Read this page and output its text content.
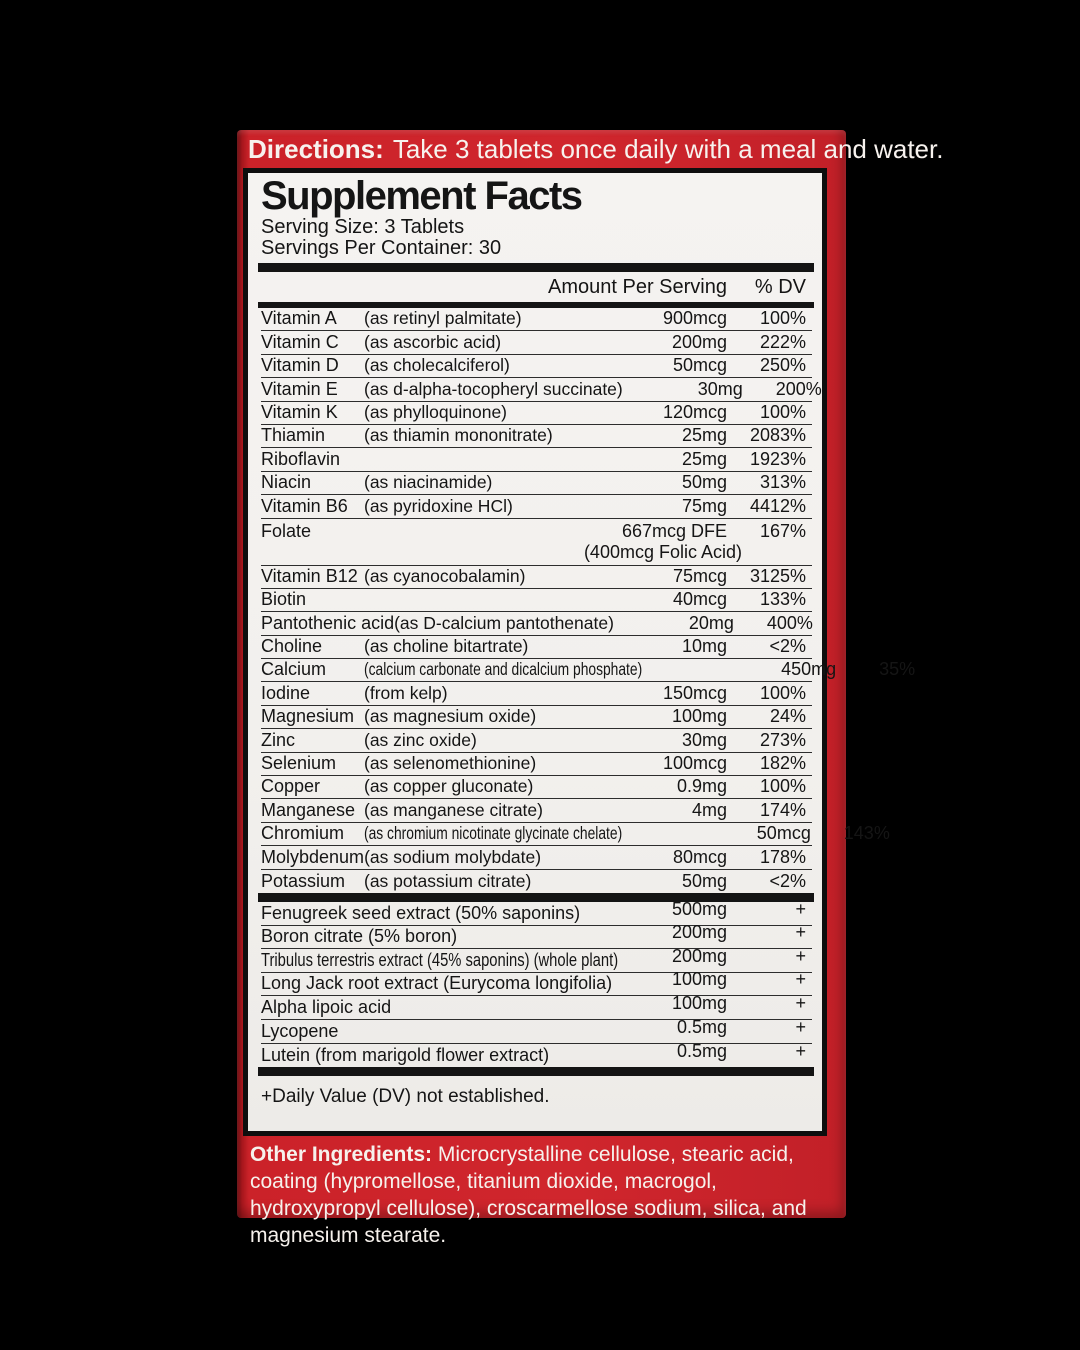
Directions: Take 3 tablets once daily with a meal and water.
Supplement Facts
Serving Size: 3 Tablets
Servings Per Container: 30
Amount Per Serving	% DV
Vitamin A	(as retinyl palmitate)	900mcg	100%
Vitamin C	(as ascorbic acid)	200mg	222%
Vitamin D	(as cholecalciferol)	50mcg	250%
Vitamin E	(as d-alpha-tocopheryl succinate)	30mg	200%
Vitamin K	(as phylloquinone)	120mcg	100%
Thiamin	(as thiamin mononitrate)	25mg	2083%
Riboflavin	25mg	1923%
Niacin	(as niacinamide)	50mg	313%
Vitamin B6 (as pyridoxine HCl)	75mg	4412%
Folate	667mcg DFE	167%
(400mcg Folic Acid)
Vitamin B12 (as cyanocobalamin)	75mcg	3125%
Biotin	40mcg	133%
Pantothenic acid (as D-calcium pantothenate)	20mg	400%
Choline	(as choline bitartrate)	10mg	<2%
Calcium	(calcium carbonate and dicalcium phosphate)	450mg	35%
Iodine	(from kelp)	150mcg	100%
Magnesium (as magnesium oxide)	100mg	24%
Zinc	(as zinc oxide)	30mg	273%
Selenium	(as selenomethionine)	100mcg	182%
Copper	(as copper gluconate)	0.9mg	100%
Manganese (as manganese citrate)	4mg	174%
Chromium	(as chromium nicotinate glycinate chelate)	50mcg	143%
Molybdenum (as sodium molybdate)	80mcg	178%
Potassium	(as potassium citrate)	50mg	<2%
Fenugreek seed extract (50% saponins)	500mg	+
Boron citrate (5% boron)	200mg	+
Tribulus terrestris extract (45% saponins) (whole plant)	200mg	+
Long Jack root extract (Eurycoma longifolia)	100mg	+
Alpha lipoic acid	100mg	+
Lycopene	0.5mg	+
Lutein (from marigold flower extract)	0.5mg	+
+Daily Value (DV) not established.
Other Ingredients: Microcrystalline cellulose, stearic acid, coating (hypromellose, titanium dioxide, macrogol, hydroxypropyl cellulose), croscarmellose sodium, silica, and magnesium stearate.
